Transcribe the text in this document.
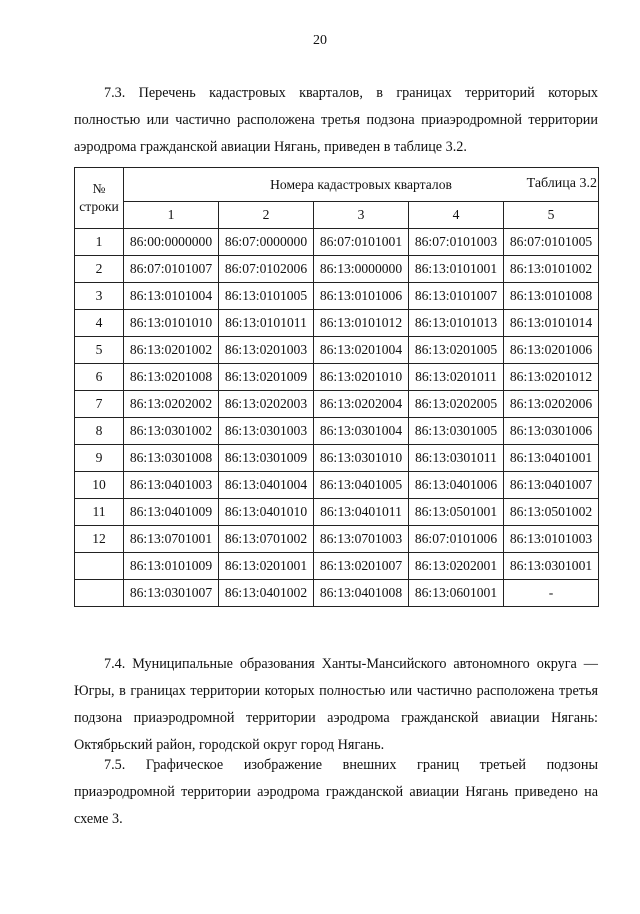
20

7.3. Перечень кадастровых кварталов, в границах территорий которых полностью или частично расположена третья подзона приаэродромной территории аэродрома гражданской авиации Нягань, приведен в таблице 3.2.

Таблица 3.2
№
строки	Номера кадастровых кварталов				
	1	2	3	4	5
1	86:00:0000000	86:07:0000000	86:07:0101001	86:07:0101003	86:07:0101005
2	86:07:0101007	86:07:0102006	86:13:0000000	86:13:0101001	86:13:0101002
3	86:13:0101004	86:13:0101005	86:13:0101006	86:13:0101007	86:13:0101008
4	86:13:0101010	86:13:0101011	86:13:0101012	86:13:0101013	86:13:0101014
5	86:13:0201002	86:13:0201003	86:13:0201004	86:13:0201005	86:13:0201006
6	86:13:0201008	86:13:0201009	86:13:0201010	86:13:0201011	86:13:0201012
7	86:13:0202002	86:13:0202003	86:13:0202004	86:13:0202005	86:13:0202006
8	86:13:0301002	86:13:0301003	86:13:0301004	86:13:0301005	86:13:0301006
9	86:13:0301008	86:13:0301009	86:13:0301010	86:13:0301011	86:13:0401001
10	86:13:0401003	86:13:0401004	86:13:0401005	86:13:0401006	86:13:0401007
11	86:13:0401009	86:13:0401010	86:13:0401011	86:13:0501001	86:13:0501002
12	86:13:0701001	86:13:0701002	86:13:0701003	86:07:0101006	86:13:0101003
	86:13:0101009	86:13:0201001	86:13:0201007	86:13:0202001	86:13:0301001
	86:13:0301007	86:13:0401002	86:13:0401008	86:13:0601001	-

7.4. Муниципальные образования Ханты-Мансийского автономного округа — Югры, в границах территории которых полностью или частично расположена третья подзона приаэродромной территории аэродрома гражданской авиации Нягань: Октябрьский район, городской округ город Нягань.

7.5. Графическое изображение внешних границ третьей подзоны приаэродромной территории аэродрома гражданской авиации Нягань приведено на схеме 3.
